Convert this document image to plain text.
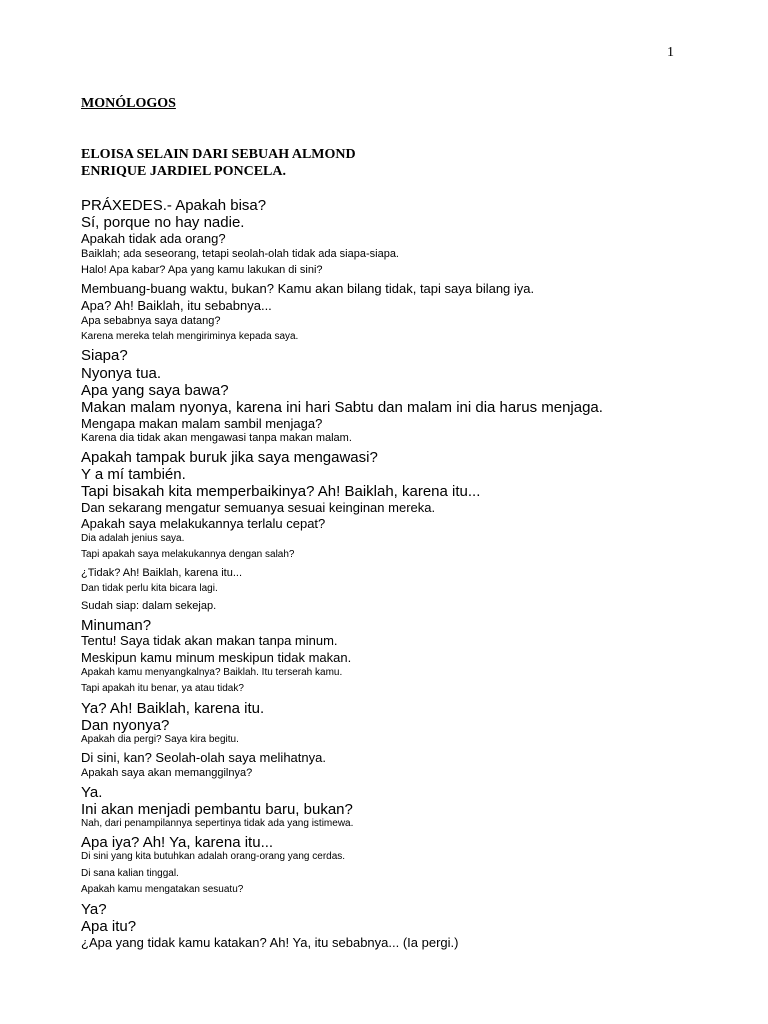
1
MONÓLOGOS
ELOISA SELAIN DARI SEBUAH ALMOND
ENRIQUE JARDIEL PONCELA.
PRÁXEDES.- Apakah bisa?
Sí, porque no hay nadie.
Apakah tidak ada orang?
Baiklah; ada seseorang, tetapi seolah-olah tidak ada siapa-siapa.
Halo! Apa kabar? Apa yang kamu lakukan di sini?
Membuang-buang waktu, bukan? Kamu akan bilang tidak, tapi saya bilang iya.
Apa? Ah! Baiklah, itu sebabnya...
Apa sebabnya saya datang?
Karena mereka telah mengiriminya kepada saya.
Siapa?
Nyonya tua.
Apa yang saya bawa?
Makan malam nyonya, karena ini hari Sabtu dan malam ini dia harus menjaga.
Mengapa makan malam sambil menjaga?
Karena dia tidak akan mengawasi tanpa makan malam.
Apakah tampak buruk jika saya mengawasi?
Y a mí también.
Tapi bisakah kita memperbaikinya? Ah! Baiklah, karena itu...
Dan sekarang mengatur semuanya sesuai keinginan mereka.
Apakah saya melakukannya terlalu cepat?
Dia adalah jenius saya.
Tapi apakah saya melakukannya dengan salah?
¿Tidak? Ah! Baiklah, karena itu...
Dan tidak perlu kita bicara lagi.
Sudah siap: dalam sekejap.
Minuman?
Tentu! Saya tidak akan makan tanpa minum.
Meskipun kamu minum meskipun tidak makan.
Apakah kamu menyangkalnya? Baiklah. Itu terserah kamu.
Tapi apakah itu benar, ya atau tidak?
Ya? Ah! Baiklah, karena itu.
Dan nyonya?
Apakah dia pergi? Saya kira begitu.
Di sini, kan? Seolah-olah saya melihatnya.
Apakah saya akan memanggilnya?
Ya.
Ini akan menjadi pembantu baru, bukan?
Nah, dari penampilannya sepertinya tidak ada yang istimewa.
Apa iya? Ah! Ya, karena itu...
Di sini yang kita butuhkan adalah orang-orang yang cerdas.
Di sana kalian tinggal.
Apakah kamu mengatakan sesuatu?
Ya?
Apa itu?
¿Apa yang tidak kamu katakan? Ah! Ya, itu sebabnya... (Ia pergi.)
